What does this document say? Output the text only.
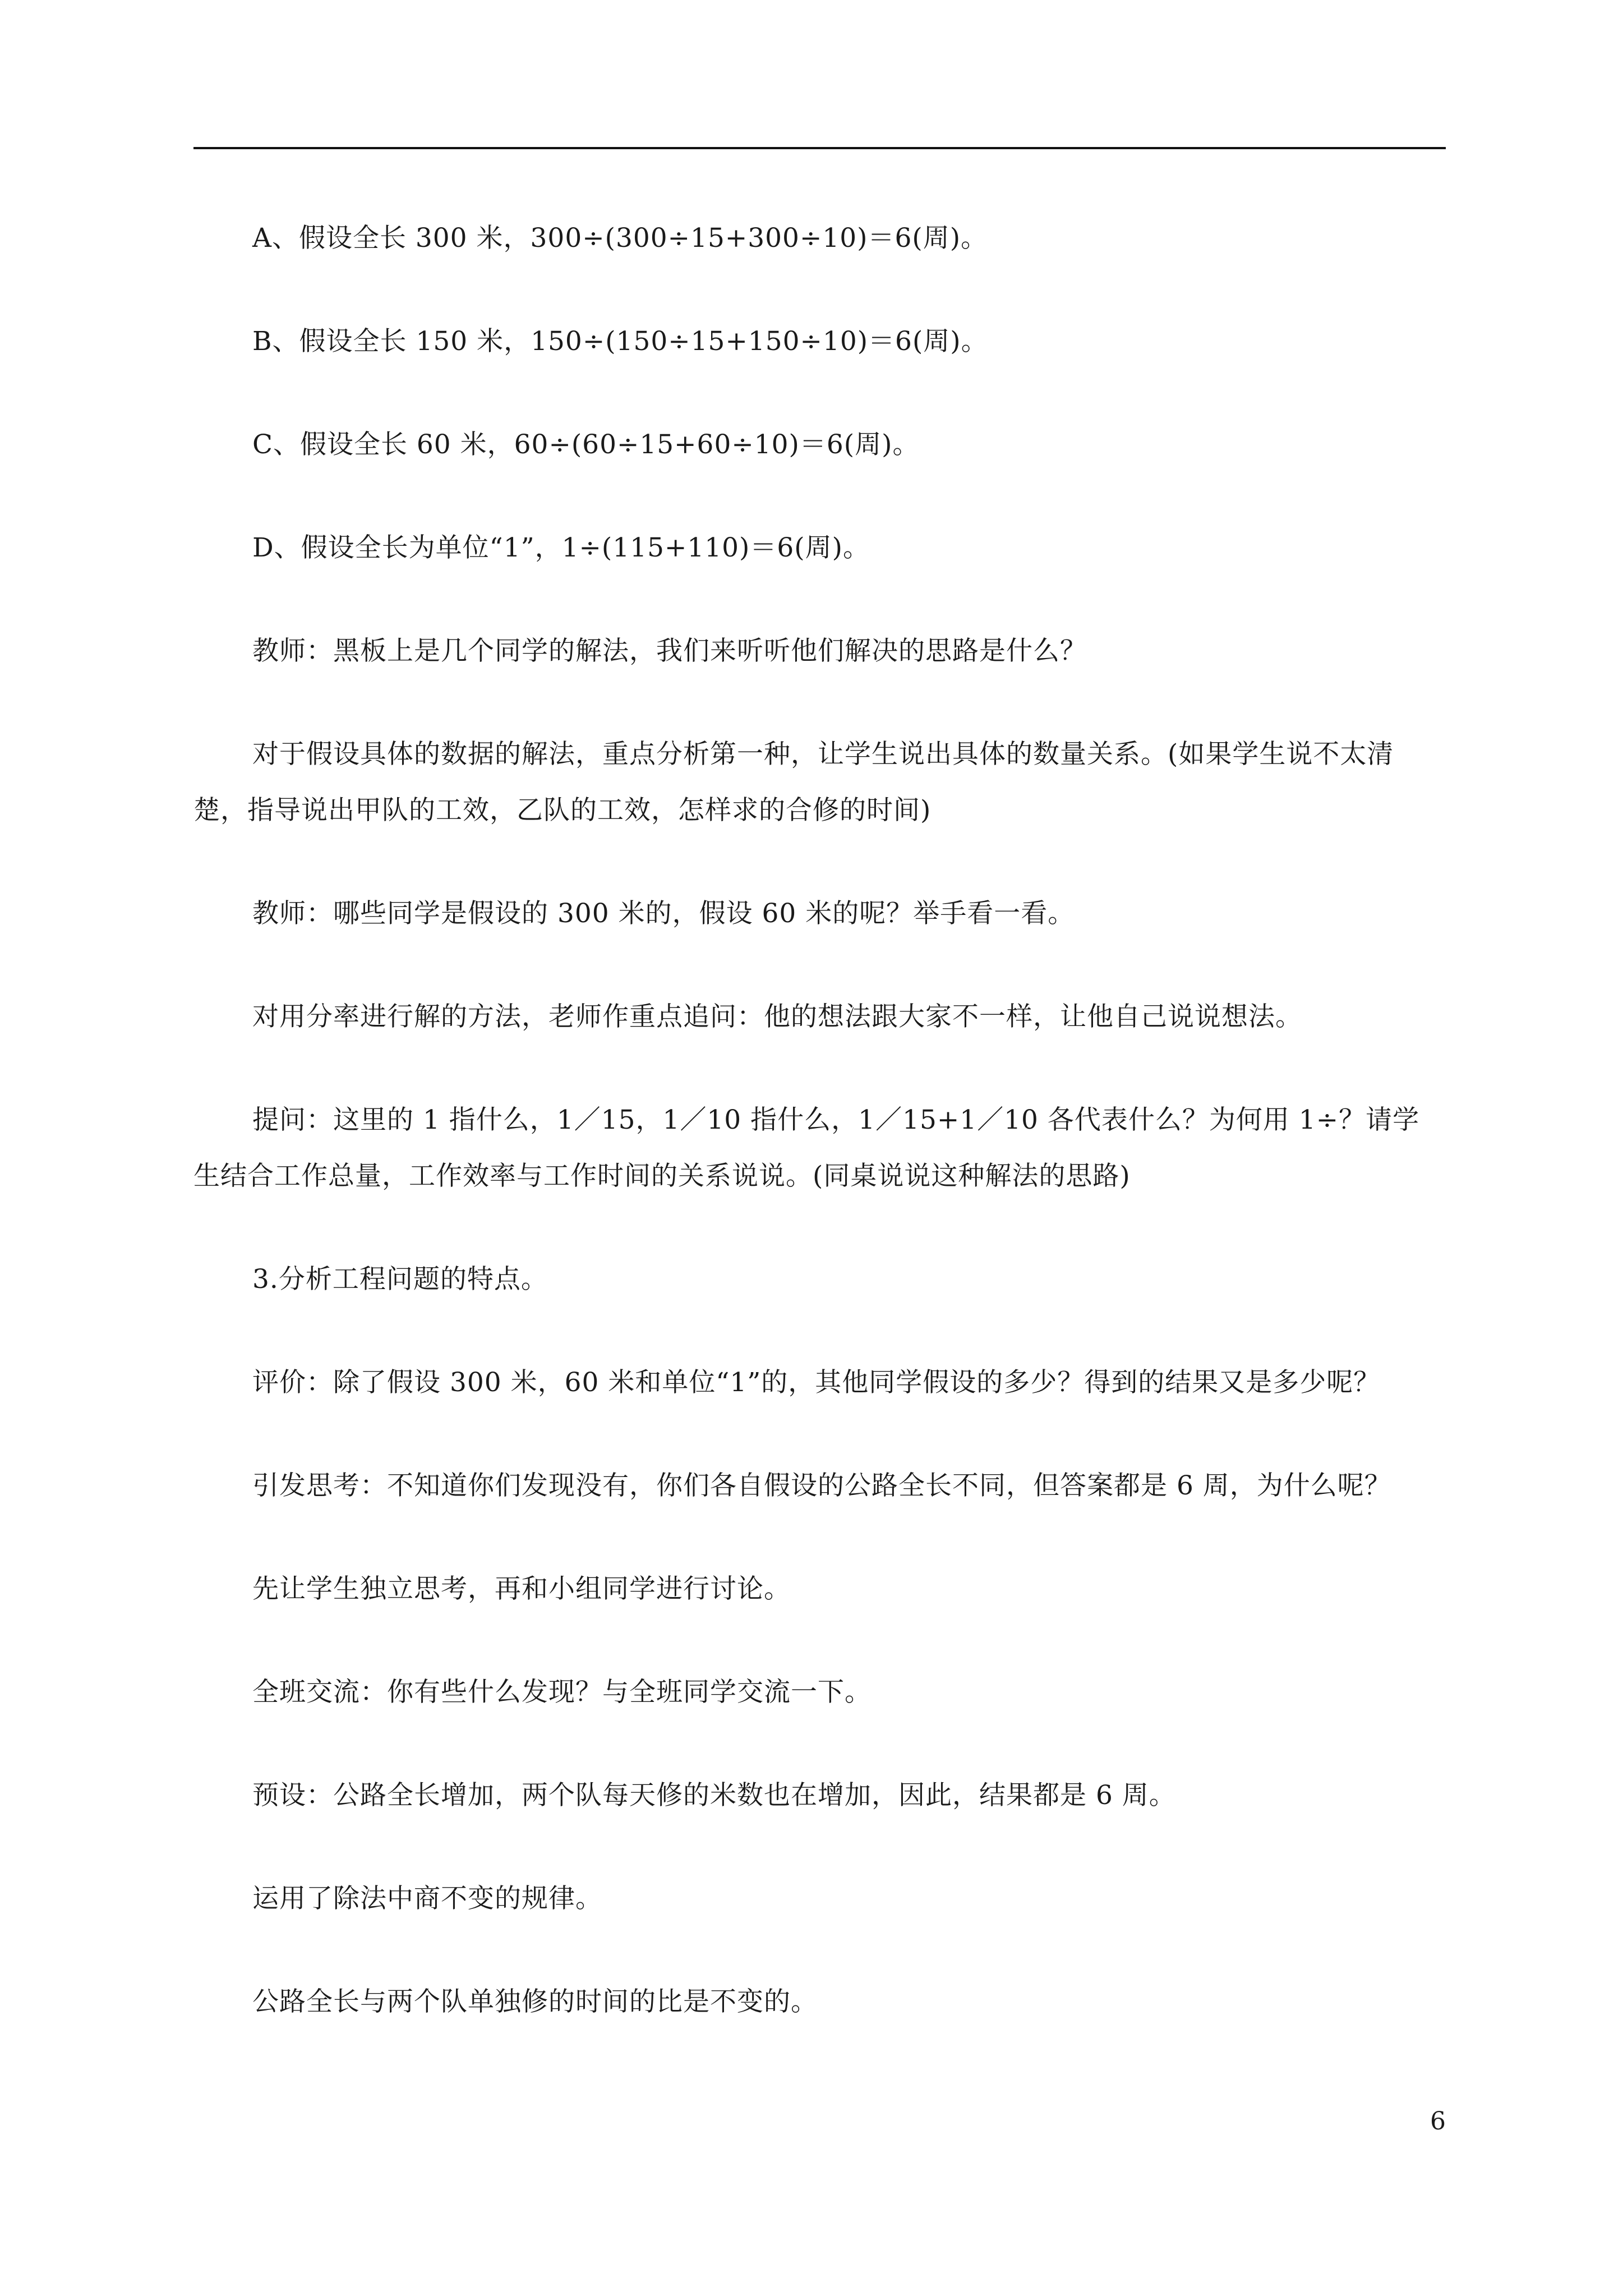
A、假设全长 300 米，300÷(300÷15+300÷10)＝6(周)。

B、假设全长 150 米，150÷(150÷15+150÷10)＝6(周)。

C、假设全长 60 米，60÷(60÷15+60÷10)＝6(周)。

D、假设全长为单位“1”，1÷(115+110)＝6(周)。

教师：黑板上是几个同学的解法，我们来听听他们解决的思路是什么？

对于假设具体的数据的解法，重点分析第一种，让学生说出具体的数量关系。(如果学生说不太清楚，指导说出甲队的工效，乙队的工效，怎样求的合修的时间)

教师：哪些同学是假设的 300 米的，假设 60 米的呢？举手看一看。

对用分率进行解的方法，老师作重点追问：他的想法跟大家不一样，让他自己说说想法。

提问：这里的 1 指什么，1／15，1／10 指什么，1／15+1／10 各代表什么？为何用 1÷？请学生结合工作总量，工作效率与工作时间的关系说说。(同桌说说这种解法的思路)

3.分析工程问题的特点。

评价：除了假设 300 米，60 米和单位“1”的，其他同学假设的多少？得到的结果又是多少呢？

引发思考：不知道你们发现没有，你们各自假设的公路全长不同，但答案都是 6 周，为什么呢？

先让学生独立思考，再和小组同学进行讨论。

全班交流：你有些什么发现？与全班同学交流一下。

预设：公路全长增加，两个队每天修的米数也在增加，因此，结果都是 6 周。

运用了除法中商不变的规律。

公路全长与两个队单独修的时间的比是不变的。

6
